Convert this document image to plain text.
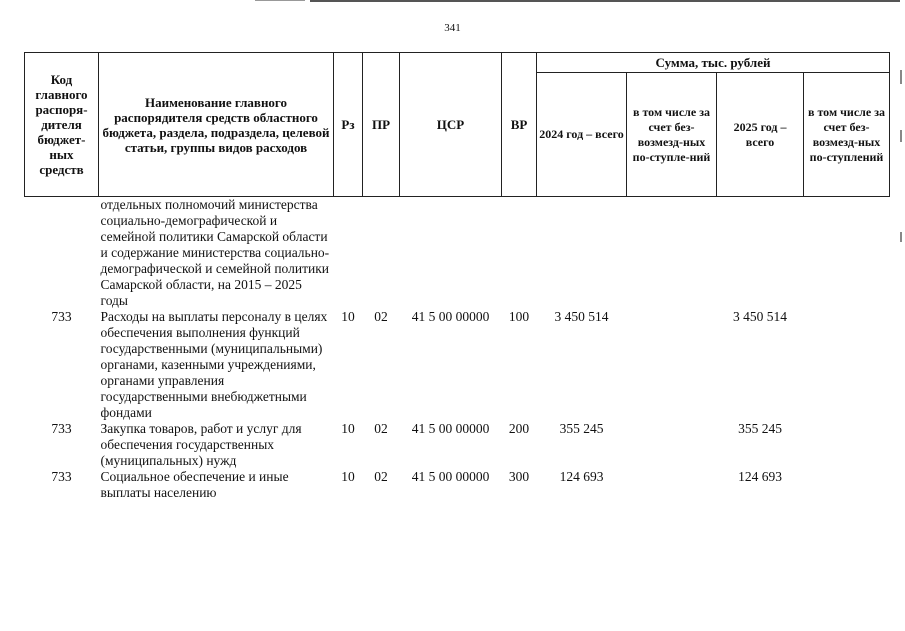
341
Код главного распоря-дителя бюджет-ных средств	Наименование главного распорядителя средств областного бюджета, раздела, подраздела, целевой статьи, группы видов расходов	Рз	ПР	ЦСР	ВР	Сумма, тыс. рублей			
						2024 год – всего	в том числе за счет без-возмезд-ных по-ступле-ний	2025 год – всего	в том числе за счет без-возмезд-ных по-ступлений
	отдельных полномочий министерства социально-демографической и семейной политики Самарской области и содержание министерства социально-демографической и семейной политики Самарской области, на 2015 – 2025 годы								
733	Расходы на выплаты персоналу в целях обеспечения выполнения функций государственными (муниципальными) органами, казенными учреждениями, органами управления государственными внебюджетными фондами	10	02	41 5 00 00000	100	3 450 514		3 450 514	
733	Закупка товаров, работ и услуг для обеспечения государственных (муниципальных) нужд	10	02	41 5 00 00000	200	355 245		355 245	
733	Социальное обеспечение и иные выплаты населению	10	02	41 5 00 00000	300	124 693		124 693	
